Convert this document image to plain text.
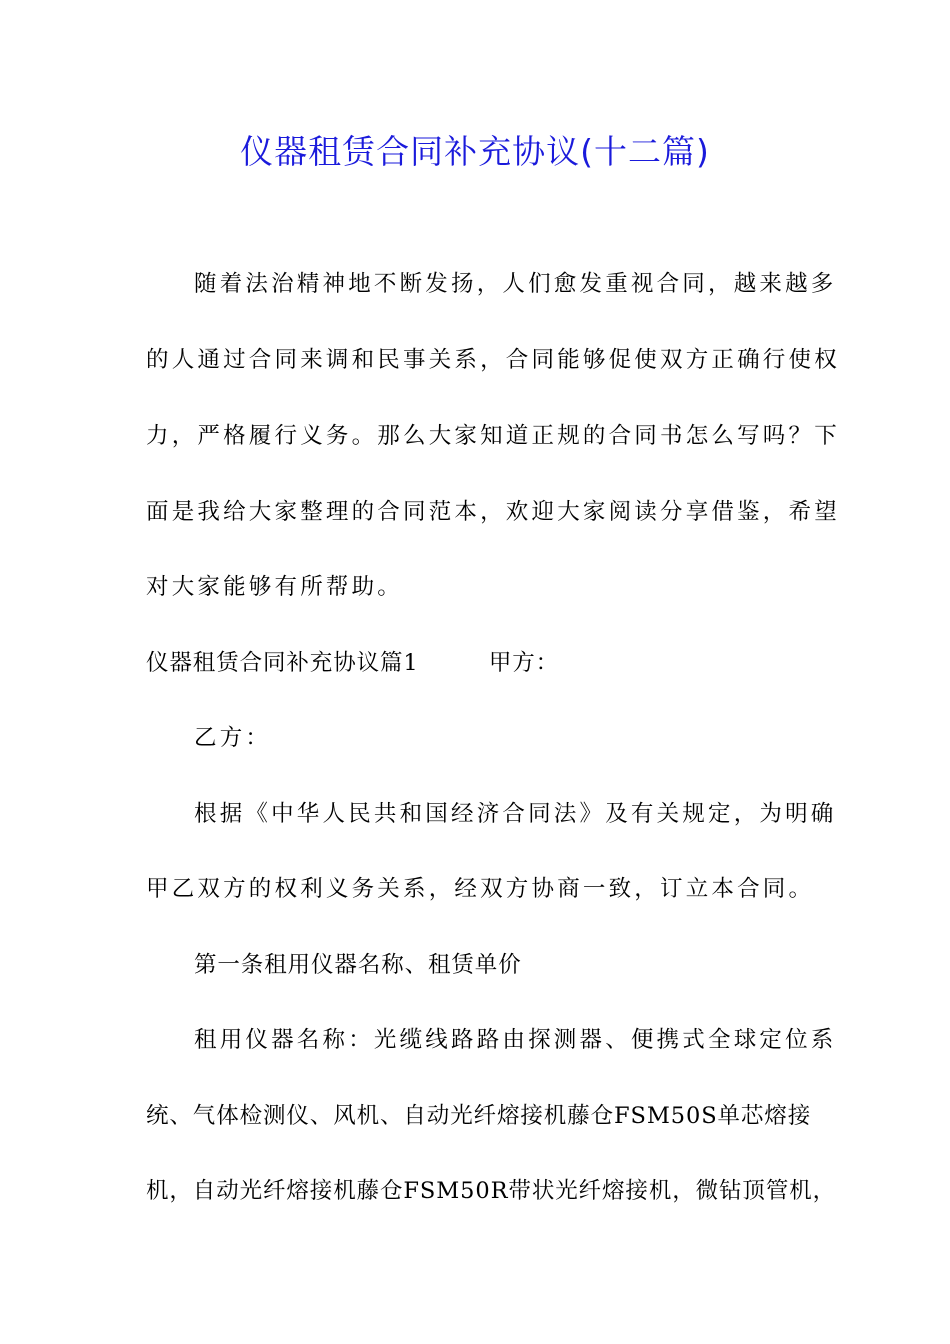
仪器租赁合同补充协议(十二篇)

随着法治精神地不断发扬，人们愈发重视合同，越来越多

的人通过合同来调和民事关系，合同能够促使双方正确行使权

力，严格履行义务。那么大家知道正规的合同书怎么写吗？下

面是我给大家整理的合同范本，欢迎大家阅读分享借鉴，希望

对大家能够有所帮助。

仪器租赁合同补充协议篇1　　　甲方：

乙方：

根据《中华人民共和国经济合同法》及有关规定，为明确

甲乙双方的权利义务关系，经双方协商一致，订立本合同。

第一条租用仪器名称、租赁单价

租用仪器名称：光缆线路路由探测器、便携式全球定位系

统、气体检测仪、风机、自动光纤熔接机藤仓FSM50S单芯熔接

机，自动光纤熔接机藤仓FSM50R带状光纤熔接机，微钻顶管机，
